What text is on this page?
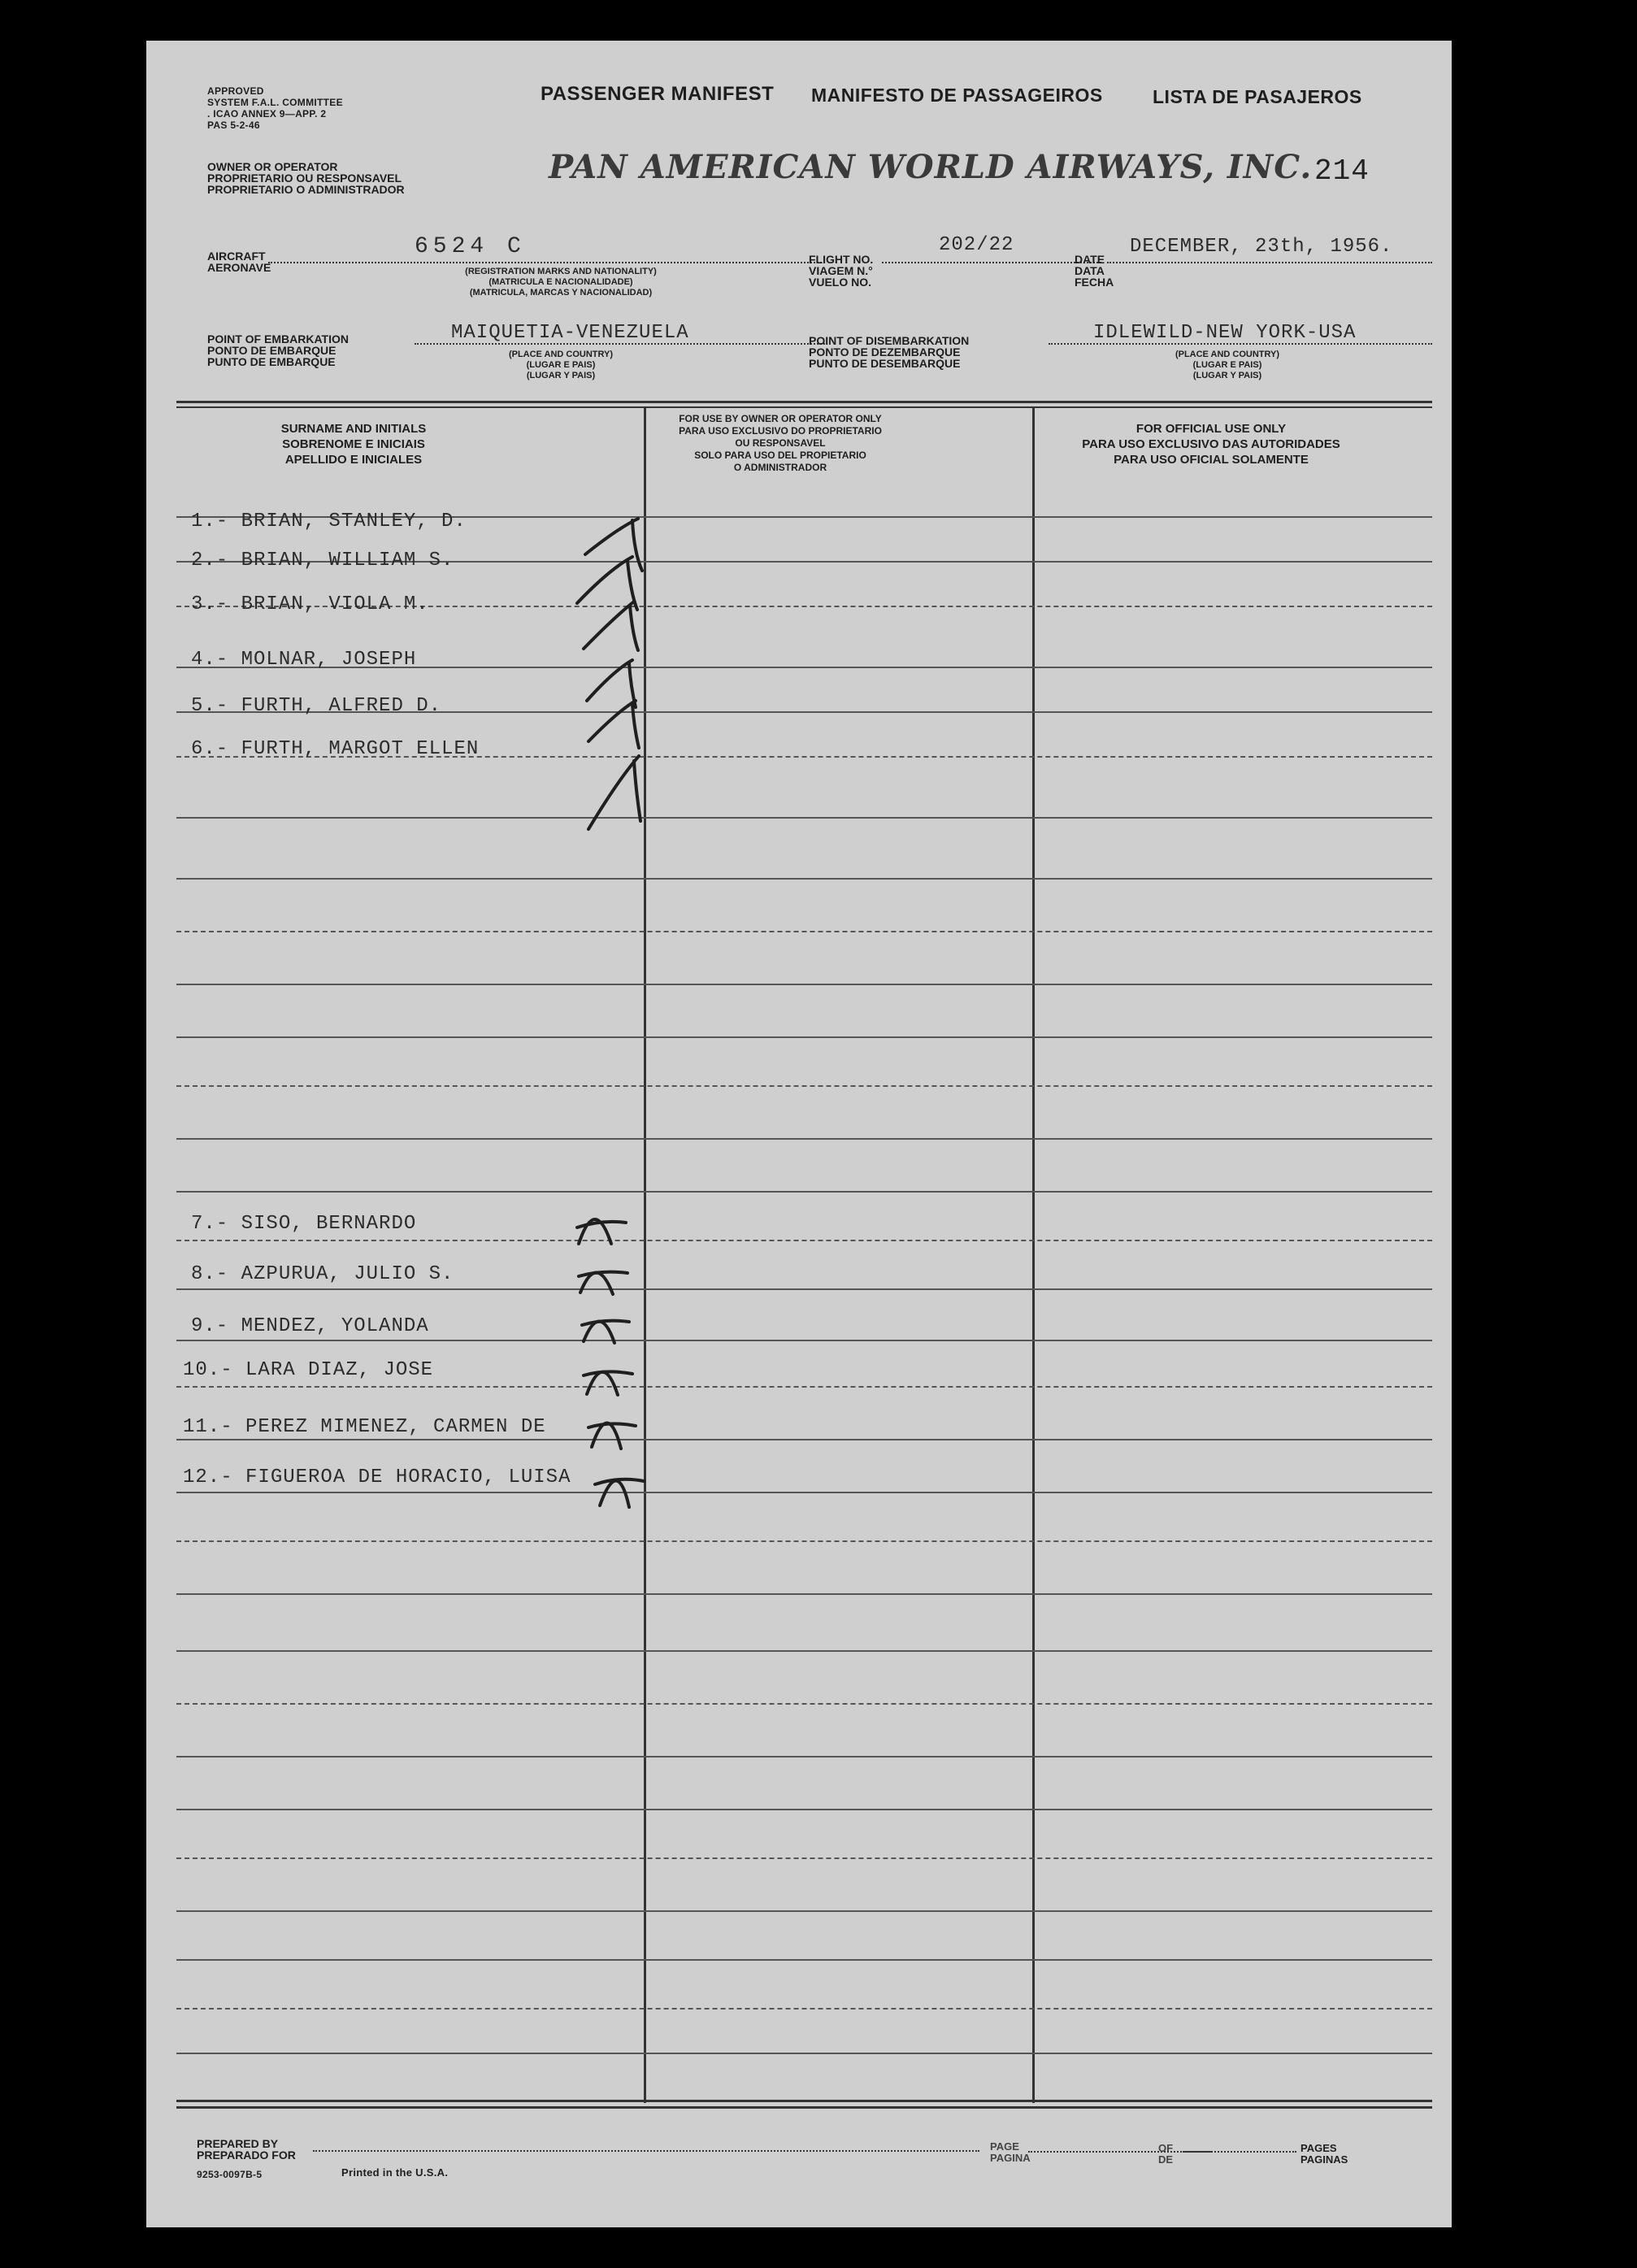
APPROVED
SYSTEM F.A.L. COMMITTEE
. ICAO ANNEX 9—APP. 2
PAS 5-2-46
PASSENGER MANIFEST MANIFESTO DE PASSAGEIROS	LISTA DE PASAJEROS
OWNER OR OPERATOR
PROPRIETARIO OU RESPONSAVEL
PROPRIETARIO O ADMINISTRADOR
PAN AMERICAN WORLD AIRWAYS, INC. 214
AIRCRAFT
AERONAVE
6524 C
(REGISTRATION MARKS AND NATIONALITY)
(MATRICULA E NACIONALIDADE)
(MATRICULA, MARCAS Y NACIONALIDAD)
FLIGHT NO.
VIAGEM N.°
VUELO NO.
202/22
DATE
DATA
FECHA
DECEMBER, 23th, 1956.
POINT OF EMBARKATION
PONTO DE EMBARQUE
PUNTO DE EMBARQUE
MAIQUETIA-VENEZUELA
(PLACE AND COUNTRY)
(LUGAR E PAIS)
(LUGAR Y PAIS)
POINT OF DISEMBARKATION
PONTO DE DEZEMBARQUE
PUNTO DE DESEMBARQUE
IDLEWILD-NEW YORK-USA
(PLACE AND COUNTRY)
(LUGAR E PAIS)
(LUGAR Y PAIS)
SURNAME AND INITIALS
SOBRENOME E INICIAIS
APELLIDO E INICIALES
FOR USE BY OWNER OR OPERATOR ONLY
PARA USO EXCLUSIVO DO PROPRIETARIO
OU RESPONSAVEL
SOLO PARA USO DEL PROPIETARIO
O ADMINISTRADOR
FOR OFFICIAL USE ONLY
PARA USO EXCLUSIVO DAS AUTORIDADES
PARA USO OFICIAL SOLAMENTE
1.- BRIAN, STANLEY, D.
2.- BRIAN, WILLIAM S.
3.- BRIAN, VIOLA M.
4.- MOLNAR, JOSEPH
5.- FURTH, ALFRED D.
6.- FURTH, MARGOT ELLEN
7.- SISO, BERNARDO
8.- AZPURUA, JULIO S.
9.- MENDEZ, YOLANDA
10.- LARA DIAZ, JOSE
11.- PEREZ MIMENEZ, CARMEN DE
12.- FIGUEROA DE HORACIO, LUISA
PREPARED BY
PREPARADO FOR
9253-0097B-5	Printed in the U.S.A.
PAGE
PAGINA
OF
DE
PAGES
PAGINAS
